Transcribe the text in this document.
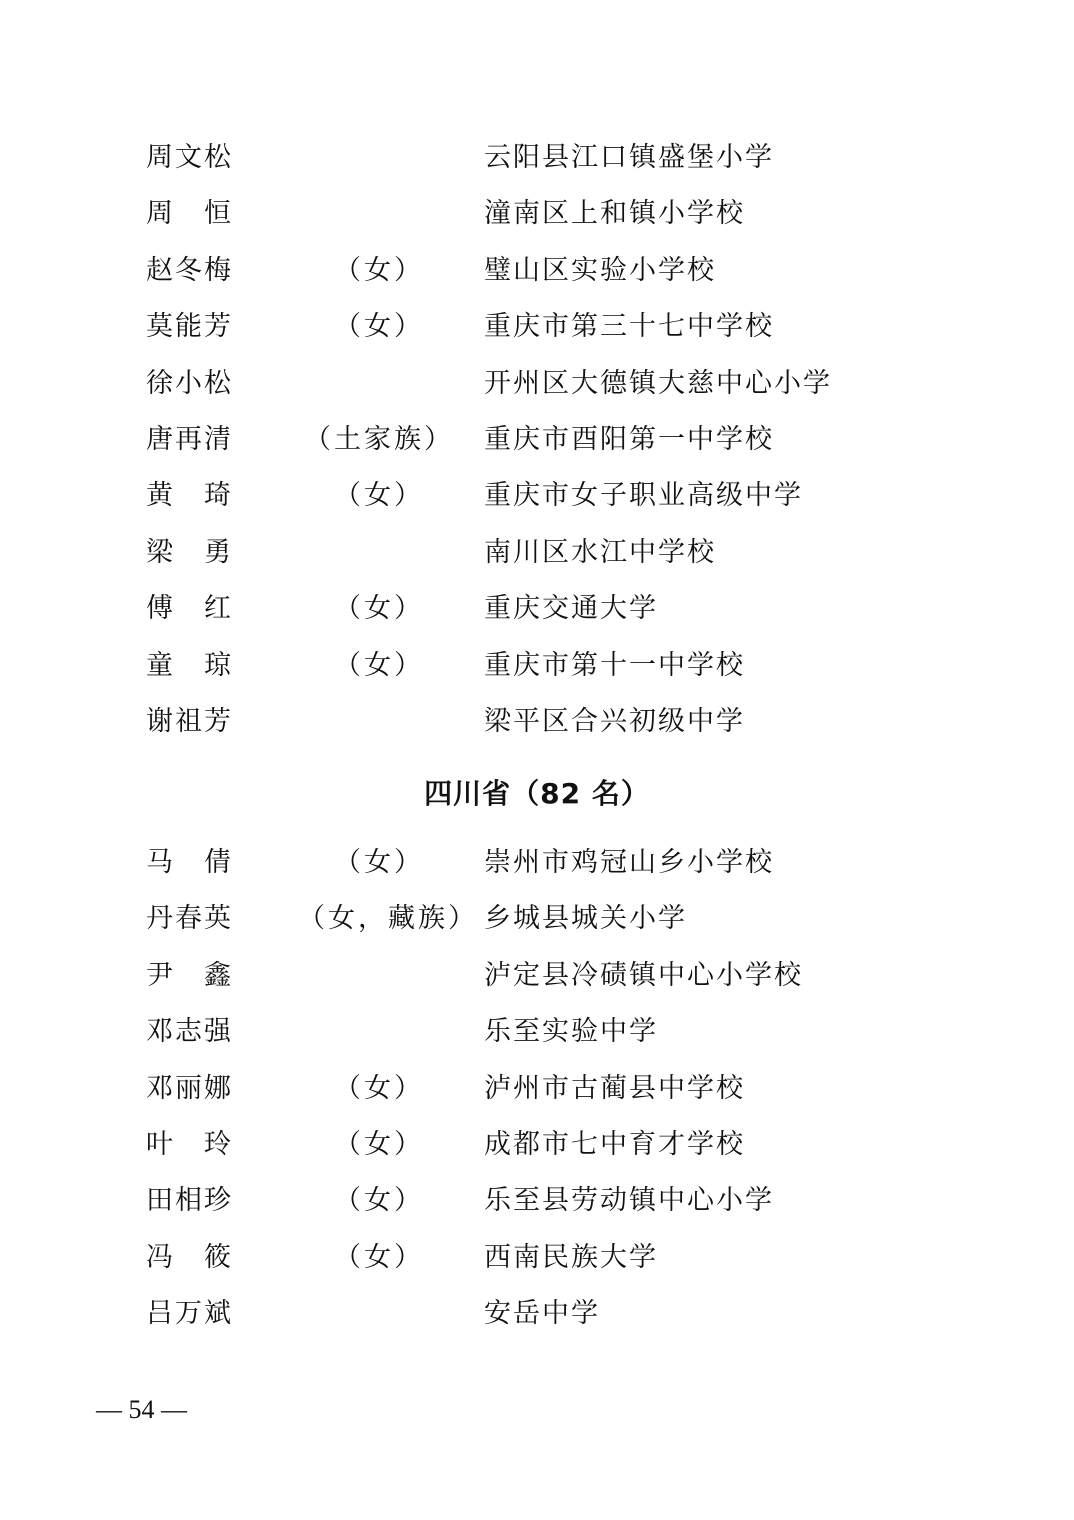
周文松	云阳县江口镇盛堡小学
周　恒	潼南区上和镇小学校
赵冬梅	（女）	璧山区实验小学校
莫能芳	（女）	重庆市第三十七中学校
徐小松	开州区大德镇大慈中心小学
唐再清	（土家族） 重庆市酉阳第一中学校
黄　琦	（女）	重庆市女子职业高级中学
梁　勇	南川区水江中学校
傅　红	（女）	重庆交通大学
童　琼	（女）	重庆市第十一中学校
谢祖芳	梁平区合兴初级中学
四川省（82 名）
马　倩	（女）	崇州市鸡冠山乡小学校
丹春英 （女，藏族） 乡城县城关小学
尹　鑫	泸定县冷碛镇中心小学校
邓志强	乐至实验中学
邓丽娜	（女）	泸州市古蔺县中学校
叶　玲	（女）	成都市七中育才学校
田相珍	（女）	乐至县劳动镇中心小学
冯　筱	（女）	西南民族大学
吕万斌	安岳中学
— 54 —
